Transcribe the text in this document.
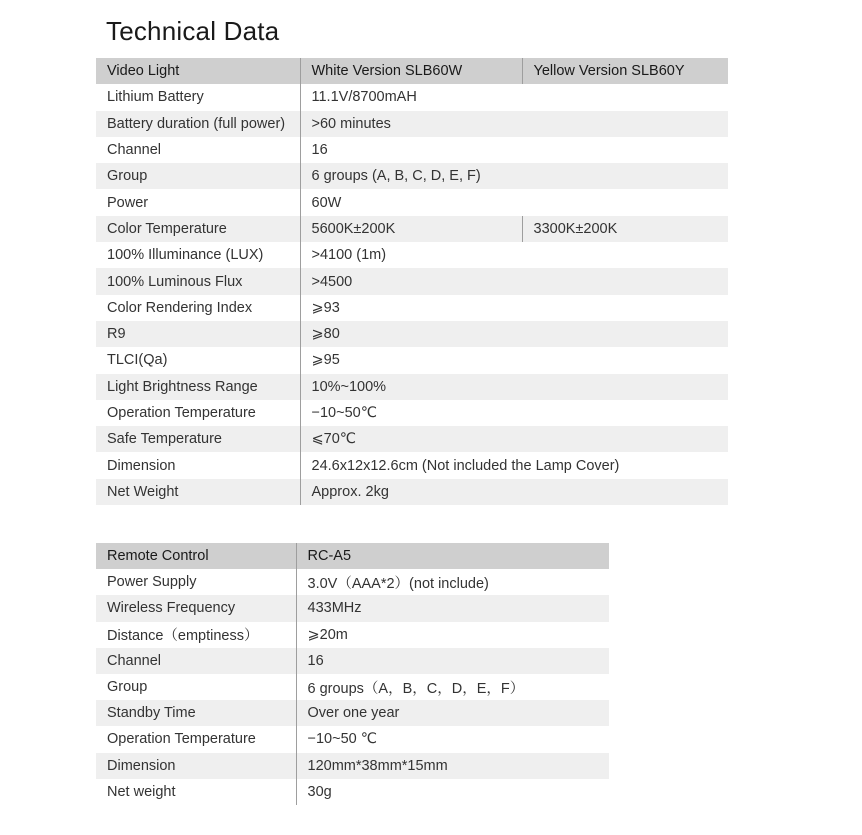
Technical Data
Video Light	White Version SLB60W	Yellow Version SLB60Y
Lithium Battery	11.1V/8700mAH	
Battery duration (full power)	>60 minutes	
Channel	16	
Group	6 groups (A, B, C, D, E, F)	
Power	60W	
Color Temperature	5600K±200K	3300K±200K
100% Illuminance (LUX)	>4100 (1m)	
100% Luminous Flux	>4500	
Color Rendering Index	⩾93	
R9	⩾80	
TLCI(Qa)	⩾95	
Light Brightness Range	10%~100%	
Operation Temperature	−10~50℃	
Safe Temperature	⩽70℃	
Dimension	24.6x12x12.6cm (Not included the Lamp Cover)	
Net Weight	Approx. 2kg	
Remote Control	RC-A5
Power Supply	3.0V（AAA*2）(not include)
Wireless Frequency	433MHz
Distance（emptiness）	⩾20m
Channel	16
Group	6 groups（A，B，C，D，E，F）
Standby Time	Over one year
Operation Temperature	−10~50 ℃
Dimension	120mm*38mm*15mm
Net weight	30g
